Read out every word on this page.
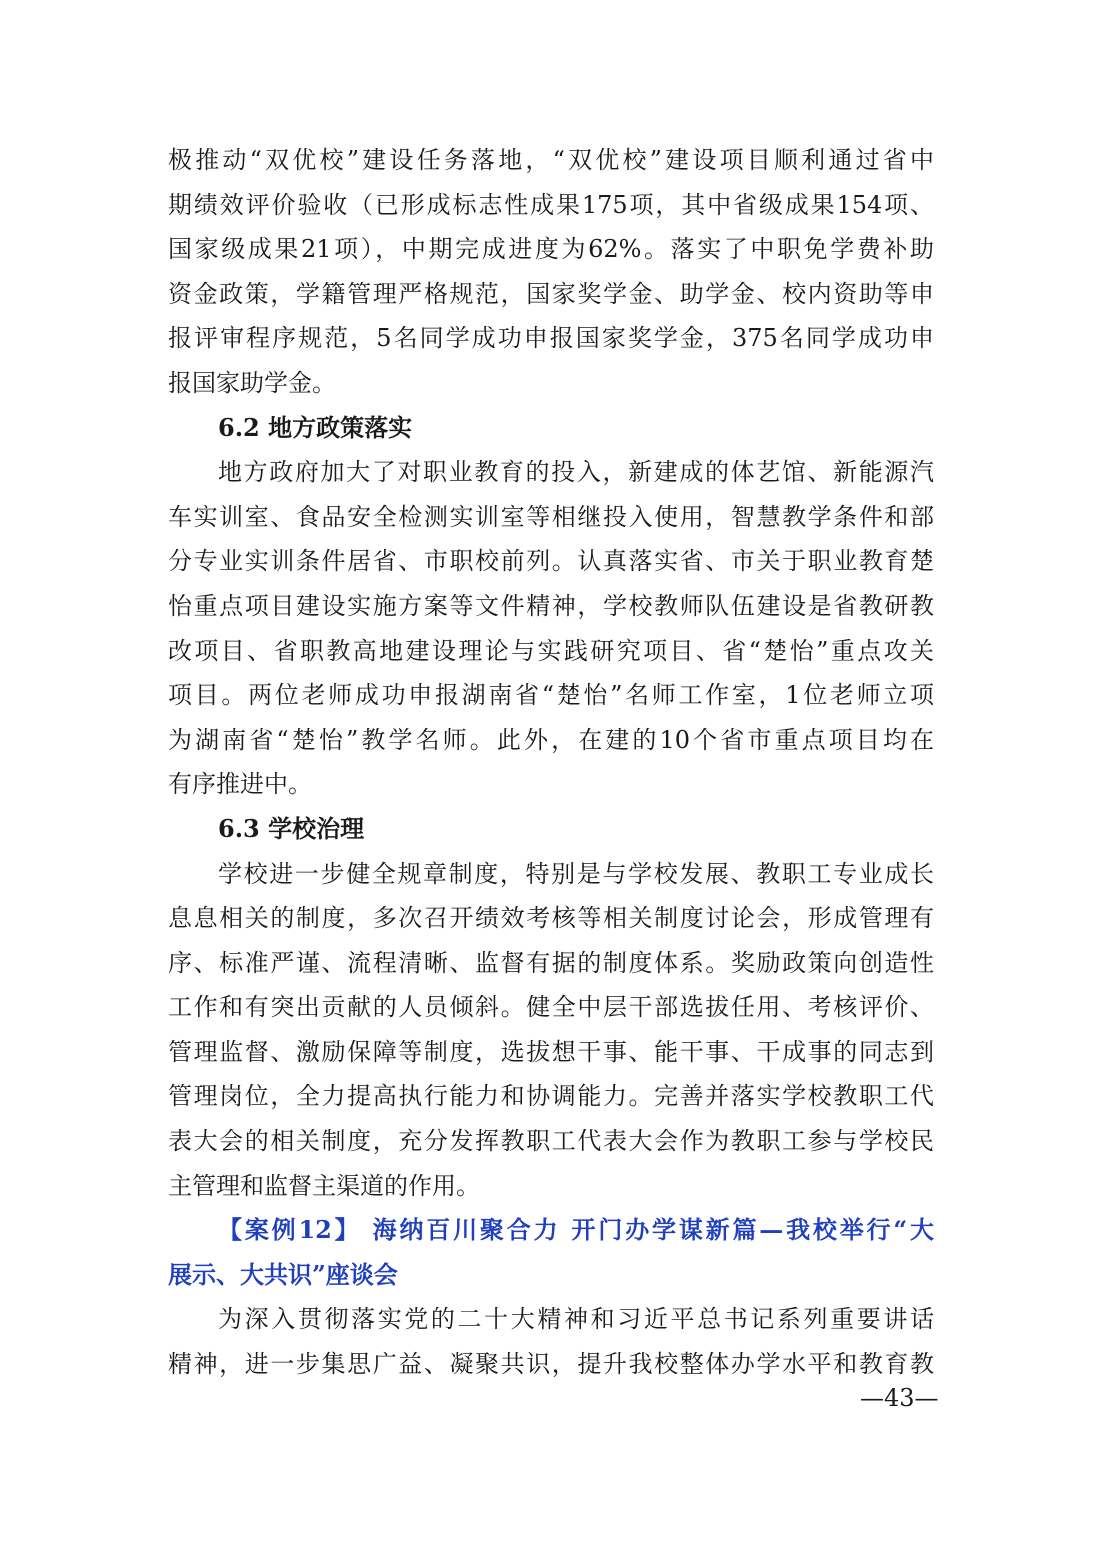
极推动“双优校”建设任务落地，“双优校”建设项目顺利通过省中
期绩效评价验收（已形成标志性成果175项，其中省级成果154项、
国家级成果21项），中期完成进度为62%。落实了中职免学费补助
资金政策，学籍管理严格规范，国家奖学金、助学金、校内资助等申
报评审程序规范，5名同学成功申报国家奖学金，375名同学成功申
报国家助学金。
6.2 地方政策落实
地方政府加大了对职业教育的投入，新建成的体艺馆、新能源汽
车实训室、食品安全检测实训室等相继投入使用，智慧教学条件和部
分专业实训条件居省、市职校前列。认真落实省、市关于职业教育楚
怡重点项目建设实施方案等文件精神，学校教师队伍建设是省教研教
改项目、省职教高地建设理论与实践研究项目、省“楚怡”重点攻关
项目。两位老师成功申报湖南省“楚怡”名师工作室，1位老师立项
为湖南省“楚怡”教学名师。此外，在建的10个省市重点项目均在
有序推进中。
6.3 学校治理
学校进一步健全规章制度，特别是与学校发展、教职工专业成长
息息相关的制度，多次召开绩效考核等相关制度讨论会，形成管理有
序、标准严谨、流程清晰、监督有据的制度体系。奖励政策向创造性
工作和有突出贡献的人员倾斜。健全中层干部选拔任用、考核评价、
管理监督、激励保障等制度，选拔想干事、能干事、干成事的同志到
管理岗位，全力提高执行能力和协调能力。完善并落实学校教职工代
表大会的相关制度，充分发挥教职工代表大会作为教职工参与学校民
主管理和监督主渠道的作用。
【案例12】 海纳百川聚合力 开门办学谋新篇—我校举行“大
展示、大共识”座谈会
为深入贯彻落实党的二十大精神和习近平总书记系列重要讲话
精神，进一步集思广益、凝聚共识，提升我校整体办学水平和教育教
—43—
